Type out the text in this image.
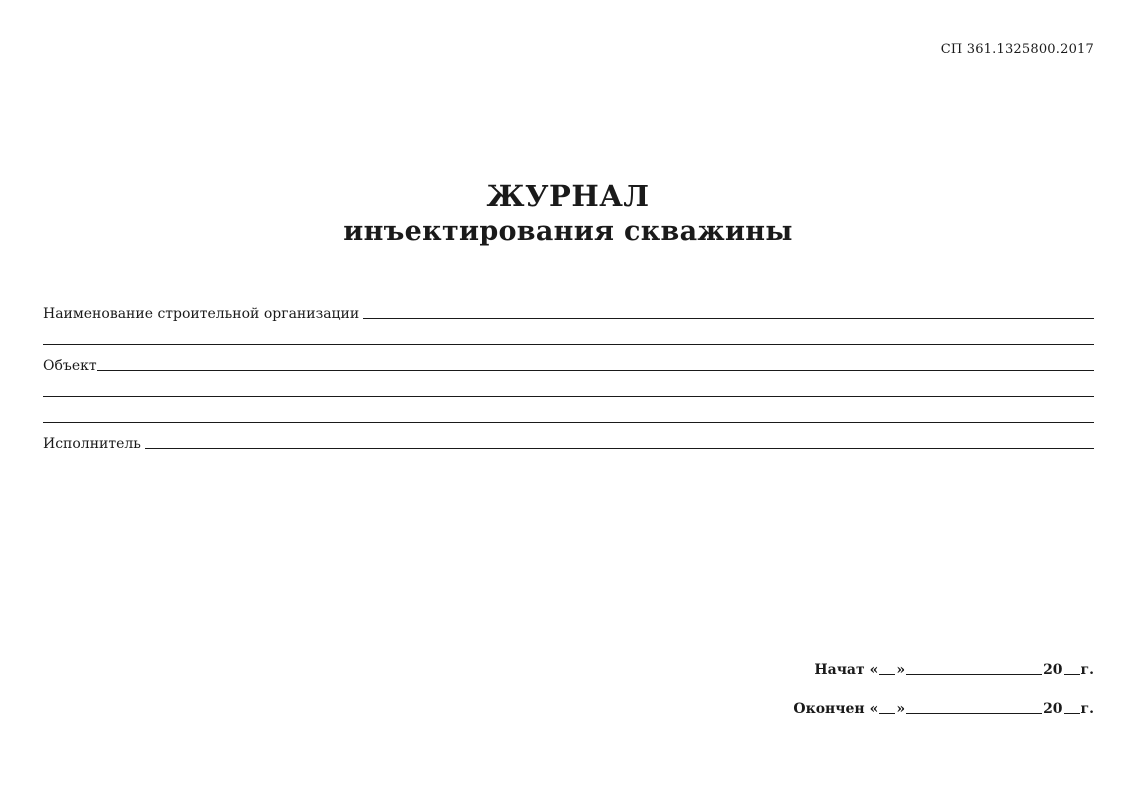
СП 361.1325800.2017
ЖУРНАЛ
инъектирования скважины
Наименование строительной организации
Объект
Исполнитель
Начат
« »	20 г.
Окончен
« »	20 г.
